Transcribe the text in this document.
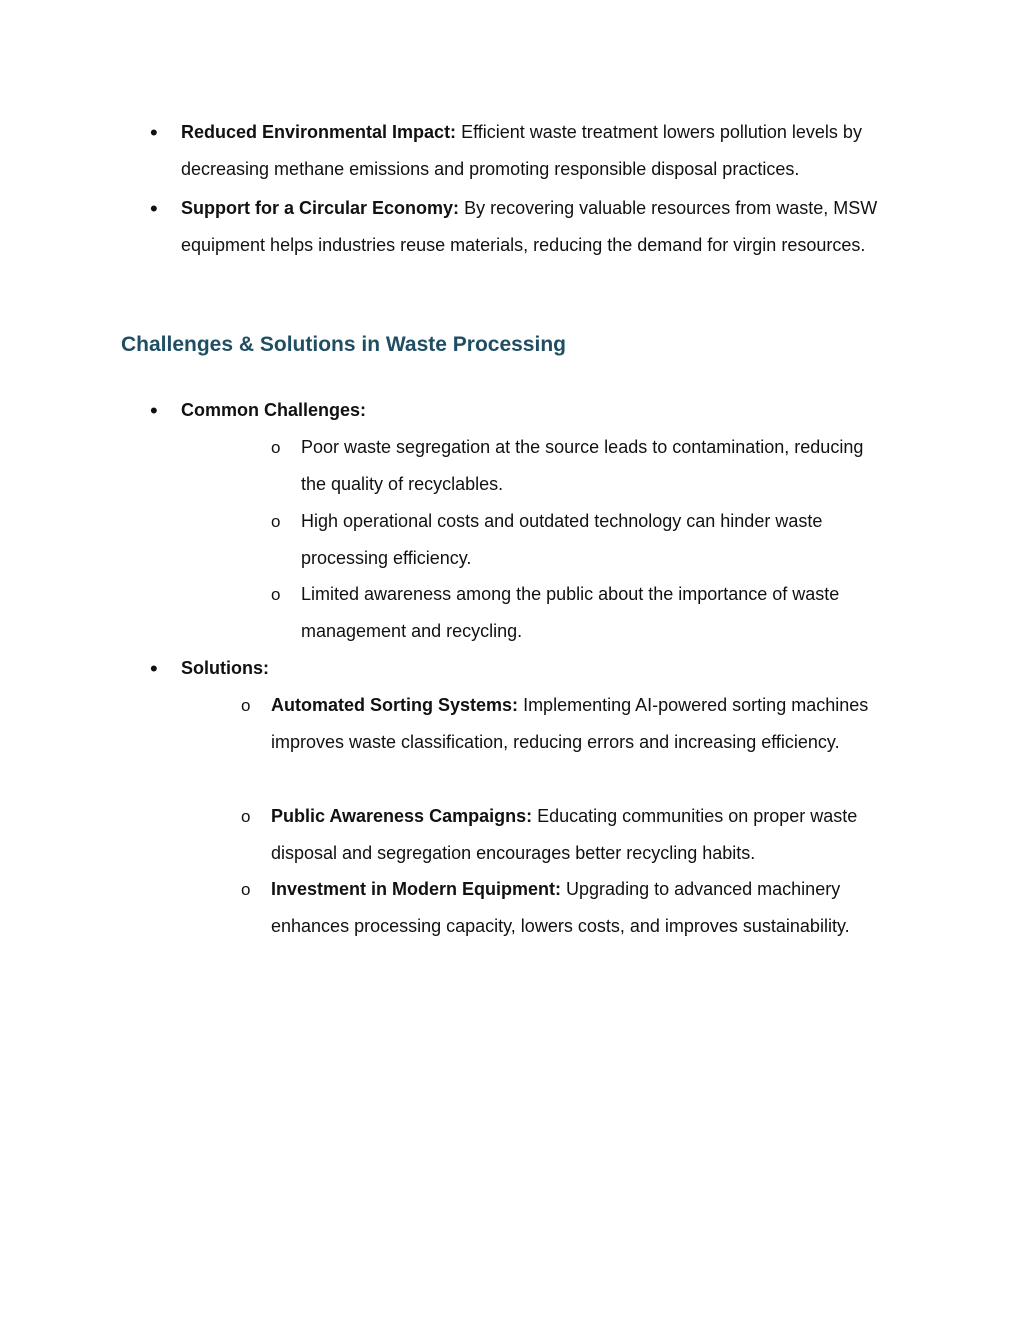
• Reduced Environmental Impact: Efficient waste treatment lowers pollution levels by decreasing methane emissions and promoting responsible disposal practices.
• Support for a Circular Economy: By recovering valuable resources from waste, MSW equipment helps industries reuse materials, reducing the demand for virgin resources.
Challenges & Solutions in Waste Processing
• Common Challenges:
o Poor waste segregation at the source leads to contamination, reducing the quality of recyclables.
o High operational costs and outdated technology can hinder waste processing efficiency.
o Limited awareness among the public about the importance of waste management and recycling.
• Solutions:
o Automated Sorting Systems: Implementing AI-powered sorting machines improves waste classification, reducing errors and increasing efficiency.
o Public Awareness Campaigns: Educating communities on proper waste disposal and segregation encourages better recycling habits.
o Investment in Modern Equipment: Upgrading to advanced machinery enhances processing capacity, lowers costs, and improves sustainability.
